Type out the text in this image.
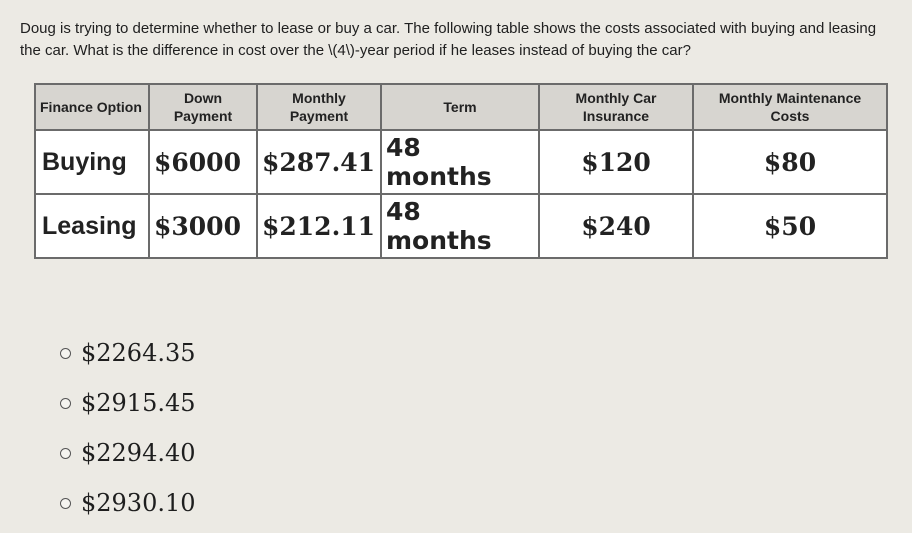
Doug is trying to determine whether to lease or buy a car. The following table shows the costs associated with buying and leasing the car. What is the difference in cost over the \(4\)-year period if he leases instead of buying the car?
Finance Option	Down Payment	Monthly Payment	Term	Monthly Car Insurance	Monthly Maintenance Costs
Buying	$6000	$287.41	48 months	$120	$80
Leasing	$3000	$212.11	48 months	$240	$50
$2264.35
$2915.45
$2294.40
$2930.10
